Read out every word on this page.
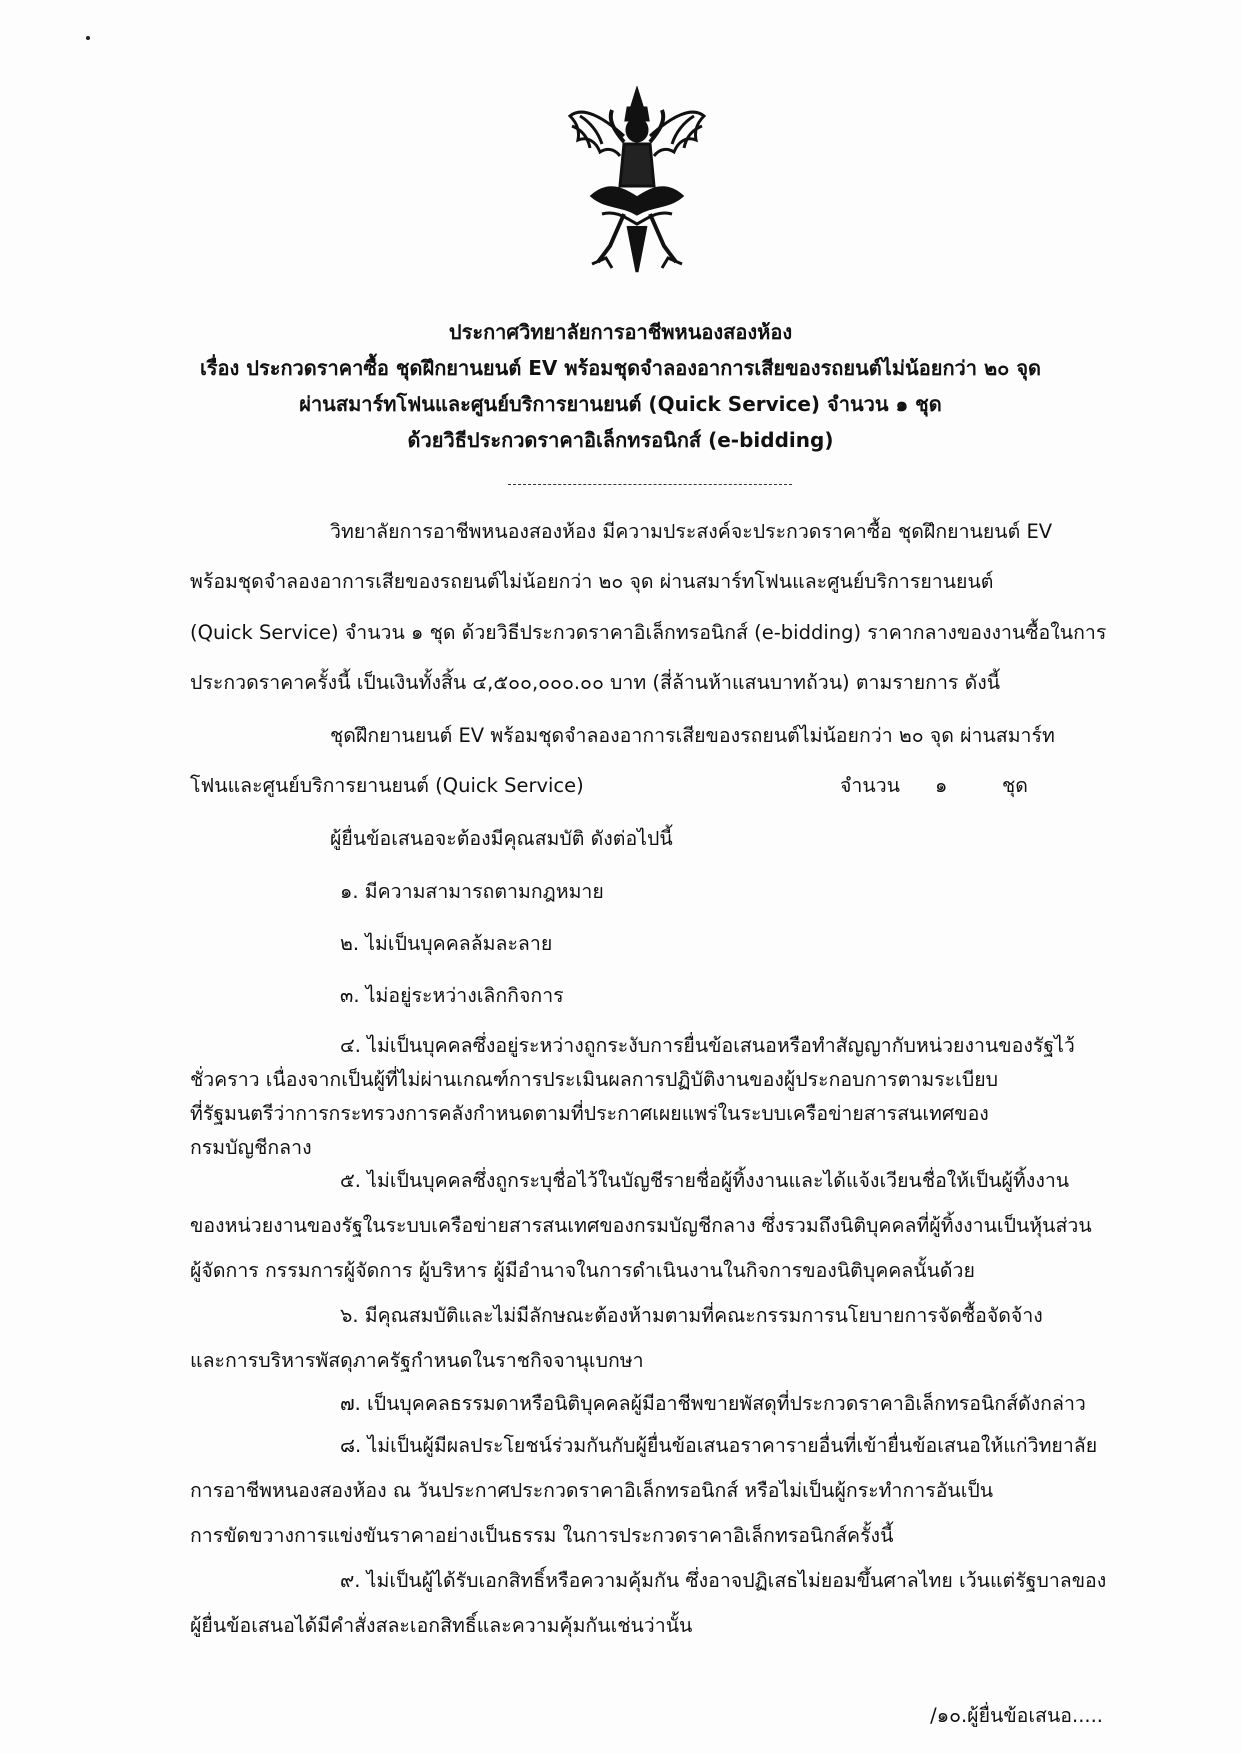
ประกาศวิทยาลัยการอาชีพหนองสองห้อง
เรื่อง ประกวดราคาซื้อ ชุดฝึกยานยนต์ EV พร้อมชุดจำลองอาการเสียของรถยนต์ไม่น้อยกว่า ๒๐ จุด
ผ่านสมาร์ทโฟนและศูนย์บริการยานยนต์ (Quick Service) จำนวน ๑ ชุด
ด้วยวิธีประกวดราคาอิเล็กทรอนิกส์ (e-bidding)
วิทยาลัยการอาชีพหนองสองห้อง มีความประสงค์จะประกวดราคาซื้อ ชุดฝึกยานยนต์ EV
พร้อมชุดจำลองอาการเสียของรถยนต์ไม่น้อยกว่า ๒๐ จุด ผ่านสมาร์ทโฟนและศูนย์บริการยานยนต์
(Quick Service) จำนวน ๑ ชุด ด้วยวิธีประกวดราคาอิเล็กทรอนิกส์ (e-bidding) ราคากลางของงานซื้อในการ
ประกวดราคาครั้งนี้ เป็นเงินทั้งสิ้น ๔,๕๐๐,๐๐๐.๐๐ บาท (สี่ล้านห้าแสนบาทถ้วน) ตามรายการ ดังนี้
ชุดฝึกยานยนต์ EV พร้อมชุดจำลองอาการเสียของรถยนต์ไม่น้อยกว่า ๒๐ จุด ผ่านสมาร์ท
โฟนและศูนย์บริการยานยนต์ (Quick Service)	จำนวน ๑	ชุด
ผู้ยื่นข้อเสนอจะต้องมีคุณสมบัติ ดังต่อไปนี้
๑. มีความสามารถตามกฎหมาย
๒. ไม่เป็นบุคคลล้มละลาย
๓. ไม่อยู่ระหว่างเลิกกิจการ
๔. ไม่เป็นบุคคลซึ่งอยู่ระหว่างถูกระงับการยื่นข้อเสนอหรือทำสัญญากับหน่วยงานของรัฐไว้
ชั่วคราว เนื่องจากเป็นผู้ที่ไม่ผ่านเกณฑ์การประเมินผลการปฏิบัติงานของผู้ประกอบการตามระเบียบ
ที่รัฐมนตรีว่าการกระทรวงการคลังกำหนดตามที่ประกาศเผยแพร่ในระบบเครือข่ายสารสนเทศของ
กรมบัญชีกลาง
๕. ไม่เป็นบุคคลซึ่งถูกระบุชื่อไว้ในบัญชีรายชื่อผู้ทิ้งงานและได้แจ้งเวียนชื่อให้เป็นผู้ทิ้งงาน
ของหน่วยงานของรัฐในระบบเครือข่ายสารสนเทศของกรมบัญชีกลาง ซึ่งรวมถึงนิติบุคคลที่ผู้ทิ้งงานเป็นหุ้นส่วน
ผู้จัดการ กรรมการผู้จัดการ ผู้บริหาร ผู้มีอำนาจในการดำเนินงานในกิจการของนิติบุคคลนั้นด้วย
๖. มีคุณสมบัติและไม่มีลักษณะต้องห้ามตามที่คณะกรรมการนโยบายการจัดซื้อจัดจ้าง
และการบริหารพัสดุภาครัฐกำหนดในราชกิจจานุเบกษา
๗. เป็นบุคคลธรรมดาหรือนิติบุคคลผู้มีอาชีพขายพัสดุที่ประกวดราคาอิเล็กทรอนิกส์ดังกล่าว
๘. ไม่เป็นผู้มีผลประโยชน์ร่วมกันกับผู้ยื่นข้อเสนอราคารายอื่นที่เข้ายื่นข้อเสนอให้แก่วิทยาลัย
การอาชีพหนองสองห้อง ณ วันประกาศประกวดราคาอิเล็กทรอนิกส์ หรือไม่เป็นผู้กระทำการอันเป็น
การขัดขวางการแข่งขันราคาอย่างเป็นธรรม ในการประกวดราคาอิเล็กทรอนิกส์ครั้งนี้
๙. ไม่เป็นผู้ได้รับเอกสิทธิ์หรือความคุ้มกัน ซึ่งอาจปฏิเสธไม่ยอมขึ้นศาลไทย เว้นแต่รัฐบาลของ
ผู้ยื่นข้อเสนอได้มีคำสั่งสละเอกสิทธิ์และความคุ้มกันเช่นว่านั้น
/๑๐.ผู้ยื่นข้อเสนอ.....
